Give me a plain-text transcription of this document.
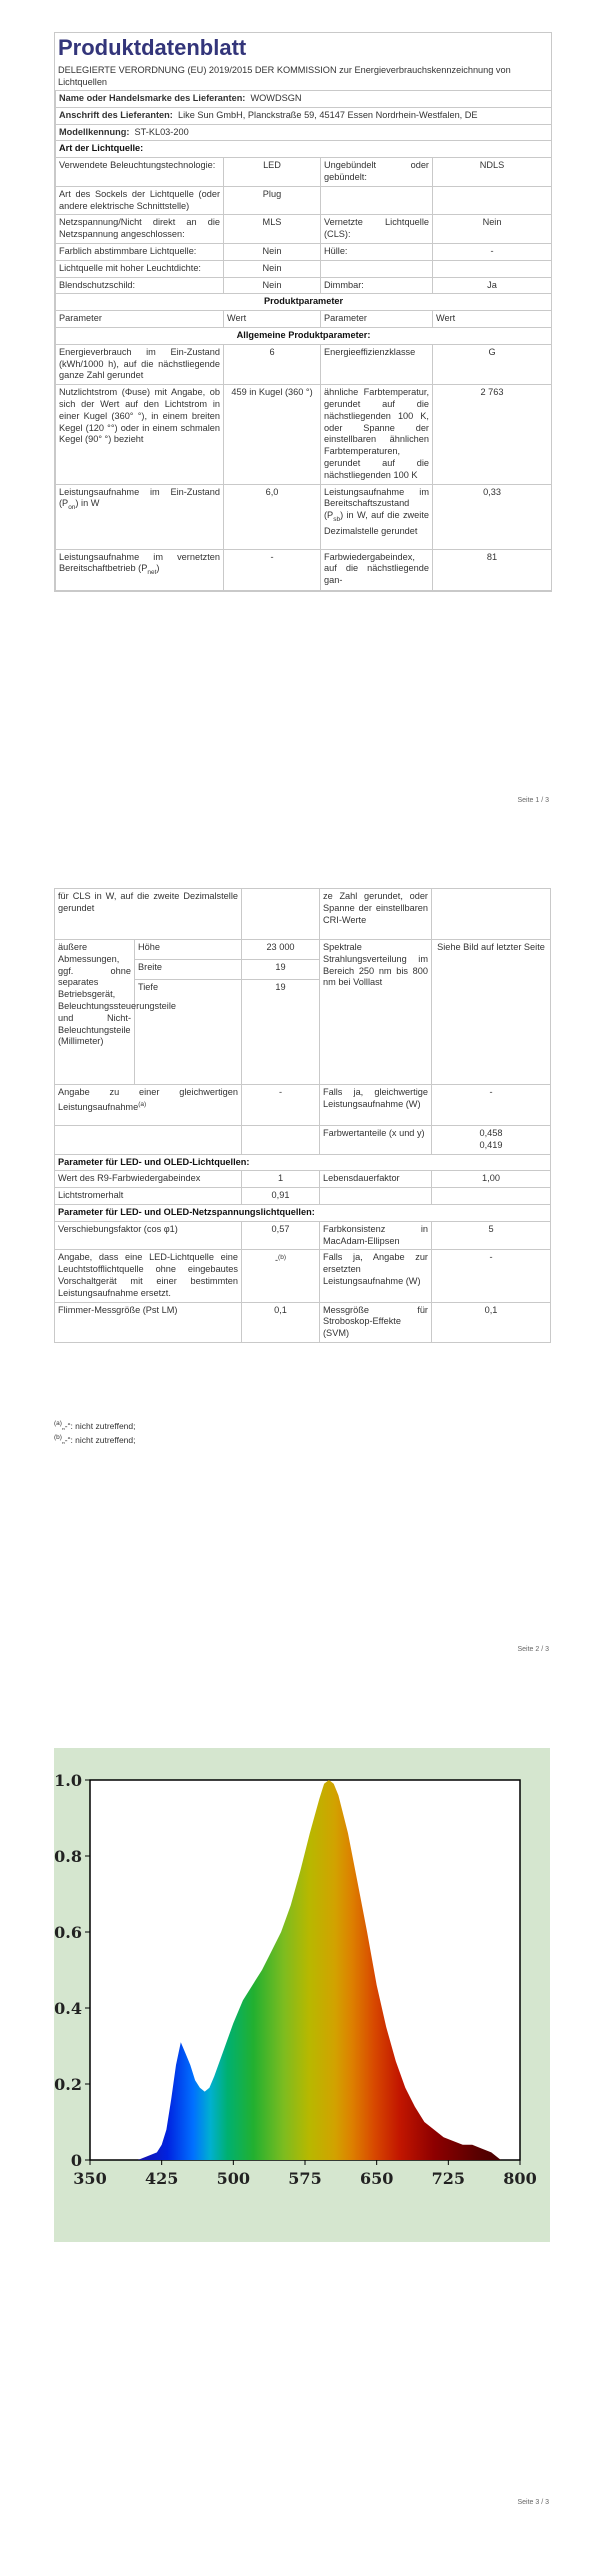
Produktdatenblatt
DELEGIERTE VERORDNUNG (EU) 2019/2015 DER KOMMISSION zur Energieverbrauchskennzeichnung von Lichtquellen
Name oder Handelsmarke des Lieferanten: WOWDSGN			
Anschrift des Lieferanten: Like Sun GmbH, Planckstraße 59, 45147 Essen Nordrhein-Westfalen, DE			
Modellkennung: ST-KL03-200			
Art der Lichtquelle:			
Verwendete Beleuchtungstechnologie:	LED	Ungebündelt oder gebündelt:	NDLS
Art des Sockels der Lichtquelle (oder andere elektrische Schnittstelle)	Plug		
Netzspannung/Nicht direkt an die Netzspannung angeschlossen:	MLS	Vernetzte Lichtquelle (CLS):	Nein
Farblich abstimmbare Lichtquelle:	Nein	Hülle:	-
Lichtquelle mit hoher Leuchtdichte:	Nein		
Blendschutzschild:	Nein	Dimmbar:	Ja
Produktparameter			
Parameter	Wert	Parameter	Wert
Allgemeine Produktparameter:			
Energieverbrauch im Ein-Zustand (kWh/1000 h), auf die nächstliegende ganze Zahl gerundet	6	Energieeffizienzklasse	G
Nutzlichtstrom (Φuse) mit Angabe, ob sich der Wert auf den Lichtstrom in einer Kugel (360° °), in einem breiten Kegel (120 °°) oder in einem schmalen Kegel (90° °) bezieht	459 in Kugel (360 °)	ähnliche Farbtemperatur, gerundet auf die nächstliegenden 100 K, oder Spanne der einstellbaren ähnlichen Farbtemperaturen, gerundet auf die nächstliegenden 100 K	2 763
Leistungsaufnahme im Ein-Zustand $(P_{on})$ in W	6,0	Leistungsaufnahme im Bereitschaftszustand $(P_{sb})$ in W, auf die zweite Dezimalstelle gerundet	0,33
Leistungsaufnahme im vernetzten Bereitschaftbetrieb $(P_{net})$	-	Farbwiedergabeindex, auf die nächstliegende gan-	81
Seite 1 / 3
für CLS in W, auf die zweite Dezimalstelle gerundet			ze Zahl gerundet, oder Spanne der einstellbaren CRI-Werte	
äußere Abmessungen, ggf. ohne separates Betriebsgerät, Beleuchtungssteuerungsteile und Nicht-Beleuchtungsteile (Millimeter)	Höhe	23 000	Spektrale Strahlungsverteilung im Bereich 250 nm bis 800 nm bei Volllast	Siehe Bild auf letzter Seite
	Breite	19		
	Tiefe	19		
Angabe zu einer gleichwertigen Leistungsaufnahme$^{(a)}$		-	Falls ja, gleichwertige Leistungsaufnahme (W)	-
			Farbwertanteile (x und y)	0,458
0,419

Parameter für LED- und OLED-Lichtquellen:				
Wert des R9-Farbwiedergabeindex		1	Lebensdauerfaktor	1,00
Lichtstromerhalt		0,91		
Parameter für LED- und OLED-Netzspannungslichtquellen:				
Verschiebungsfaktor (cos φ1)		0,57	Farbkonsistenz in MacAdam-Ellipsen	5
Angabe, dass eine LED-Lichtquelle eine Leuchtstofflichtquelle ohne eingebautes Vorschaltgerät mit einer bestimmten Leistungsaufnahme ersetzt.		-$^{(b)}$	Falls ja, Angabe zur ersetzten Leistungsaufnahme (W)	-
Flimmer-Messgröße (Pst LM)		0,1	Messgröße für Stroboskop-Effekte (SVM)	0,1
$^{(a)}$„-“: nicht zutreffend;
$^{(b)}$„-“: nicht zutreffend;
Seite 2 / 3
350 425 500 575 650 725 800
0
0.2
0.4
0.6
0.8
1.0
Seite 3 / 3
